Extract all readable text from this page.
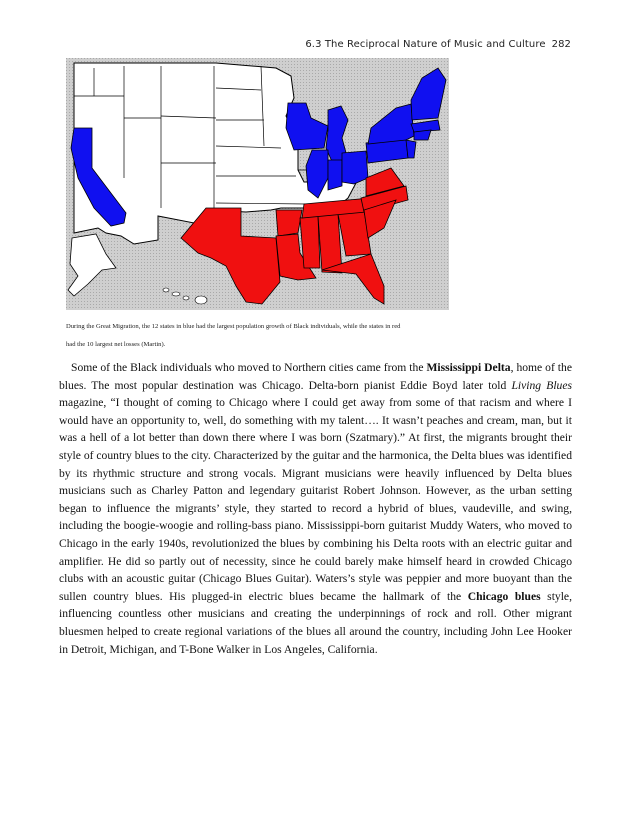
6.3 The Reciprocal Nature of Music and Culture 282
During the Great Migration, the 12 states in blue had the largest population growth of Black individuals, while the states in red
had the 10 largest net losses (Martin).

Some of the Black individuals who moved to Northern cities came from the Mississippi Delta, home of the blues. The most popular destination was Chicago. Delta-born pianist Eddie Boyd later told Living Blues magazine, “I thought of coming to Chicago where I could get away from some of that racism and where I would have an opportunity to, well, do something with my talent…. It wasn’t peaches and cream, man, but it was a hell of a lot better than down there where I was born (Szatmary).” At first, the migrants brought their style of country blues to the city. Characterized by the guitar and the harmonica, the Delta blues was identified by its rhythmic structure and strong vocals. Migrant musicians were heavily influenced by Delta blues musicians such as Charley Patton and legendary guitarist Robert Johnson. However, as the urban setting began to influence the migrants’ style, they started to record a hybrid of blues, vaudeville, and swing, including the boogie-woogie and rolling-bass piano. Mississippi-born guitarist Muddy Waters, who moved to Chicago in the early 1940s, revolutionized the blues by combining his Delta roots with an electric guitar and amplifier. He did so partly out of necessity, since he could barely make himself heard in crowded Chicago clubs with an acoustic guitar (Chicago Blues Guitar). Waters’s style was peppier and more buoyant than the sullen country blues. His plugged-in electric blues became the hallmark of the Chicago blues style, influencing countless other musicians and creating the underpinnings of rock and roll. Other migrant bluesmen helped to create regional variations of the blues all around the country, including John Lee Hooker in Detroit, Michigan, and T-Bone Walker in Los Angeles, California.
